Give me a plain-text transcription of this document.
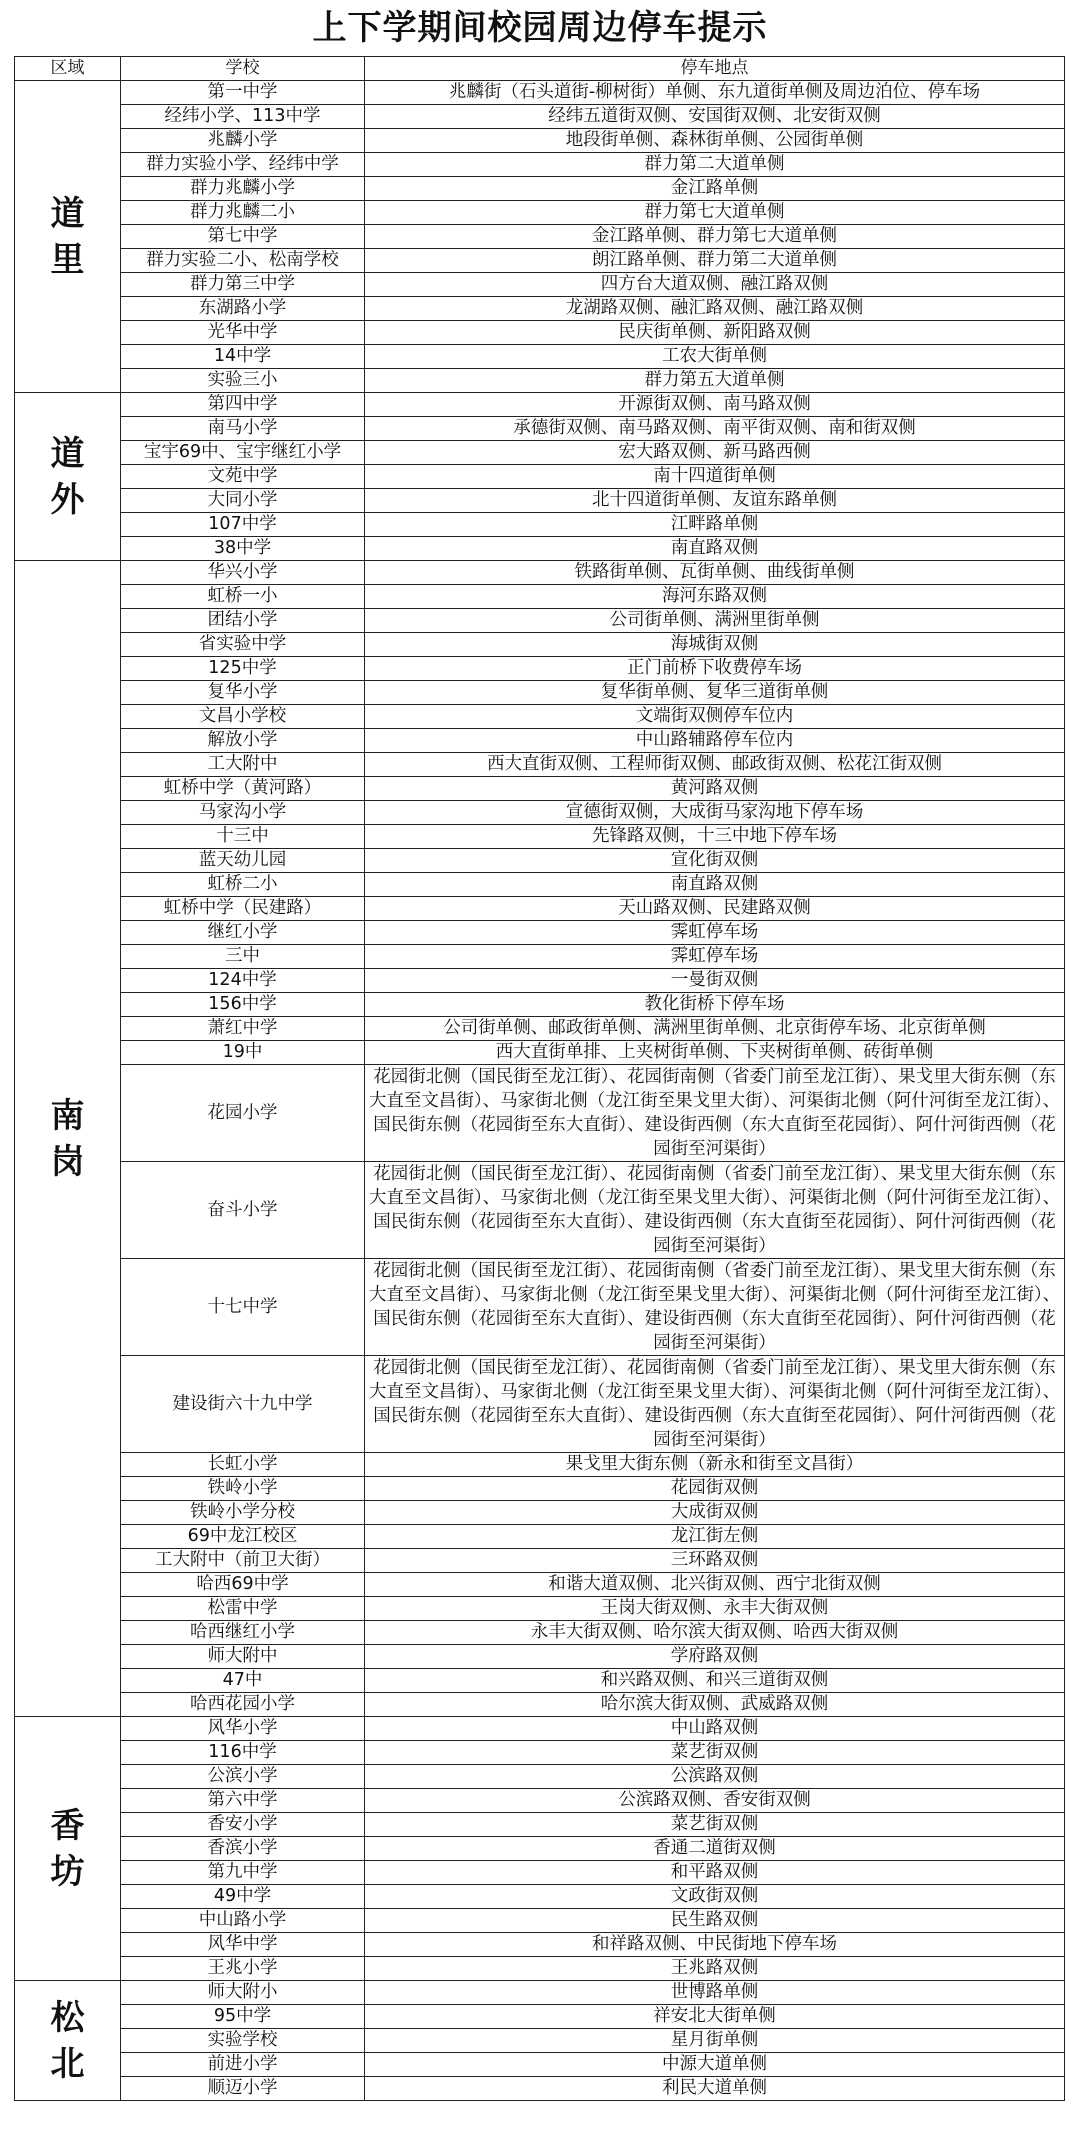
上下学期间校园周边停车提示
区域	学校	停车地点
道里	第一中学	兆麟街（石头道街-柳树街）单侧、东九道街单侧及周边泊位、停车场
	经纬小学、113中学	经纬五道街双侧、安国街双侧、北安街双侧
	兆麟小学	地段街单侧、森林街单侧、公园街单侧
	群力实验小学、经纬中学	群力第二大道单侧
	群力兆麟小学	金江路单侧
	群力兆麟二小	群力第七大道单侧
	第七中学	金江路单侧、群力第七大道单侧
	群力实验二小、松南学校	朗江路单侧、群力第二大道单侧
	群力第三中学	四方台大道双侧、融江路双侧
	东湖路小学	龙湖路双侧、融汇路双侧、融江路双侧
	光华中学	民庆街单侧、新阳路双侧
	14中学	工农大街单侧
	实验三小	群力第五大道单侧
道外	第四中学	开源街双侧、南马路双侧
	南马小学	承德街双侧、南马路双侧、南平街双侧、南和街双侧
	宝宇69中、宝宇继红小学	宏大路双侧、新马路西侧
	文苑中学	南十四道街单侧
	大同小学	北十四道街单侧、友谊东路单侧
	107中学	江畔路单侧
	38中学	南直路双侧
南岗	华兴小学	铁路街单侧、瓦街单侧、曲线街单侧
	虹桥一小	海河东路双侧
	团结小学	公司街单侧、满洲里街单侧
	省实验中学	海城街双侧
	125中学	正门前桥下收费停车场
	复华小学	复华街单侧、复华三道街单侧
	文昌小学校	文端街双侧停车位内
	解放小学	中山路辅路停车位内
	工大附中	西大直街双侧、工程师街双侧、邮政街双侧、松花江街双侧
	虹桥中学（黄河路）	黄河路双侧
	马家沟小学	宣德街双侧，大成街马家沟地下停车场
	十三中	先锋路双侧，十三中地下停车场
	蓝天幼儿园	宣化街双侧
	虹桥二小	南直路双侧
	虹桥中学（民建路）	天山路双侧、民建路双侧
	继红小学	霁虹停车场
	三中	霁虹停车场
	124中学	一曼街双侧
	156中学	教化街桥下停车场
	萧红中学	公司街单侧、邮政街单侧、满洲里街单侧、北京街停车场、北京街单侧
	19中	西大直街单排、上夹树街单侧、下夹树街单侧、砖街单侧
	花园小学	花园街北侧（国民街至龙江街）、花园街南侧（省委门前至龙江街）、果戈里大街东侧（东大直至文昌街）、马家街北侧（龙江街至果戈里大街）、河渠街北侧（阿什河街至龙江街）、国民街东侧（花园街至东大直街）、建设街西侧（东大直街至花园街）、阿什河街西侧（花园街至河渠街）
	奋斗小学	花园街北侧（国民街至龙江街）、花园街南侧（省委门前至龙江街）、果戈里大街东侧（东大直至文昌街）、马家街北侧（龙江街至果戈里大街）、河渠街北侧（阿什河街至龙江街）、国民街东侧（花园街至东大直街）、建设街西侧（东大直街至花园街）、阿什河街西侧（花园街至河渠街）
	十七中学	花园街北侧（国民街至龙江街）、花园街南侧（省委门前至龙江街）、果戈里大街东侧（东大直至文昌街）、马家街北侧（龙江街至果戈里大街）、河渠街北侧（阿什河街至龙江街）、国民街东侧（花园街至东大直街）、建设街西侧（东大直街至花园街）、阿什河街西侧（花园街至河渠街）
	建设街六十九中学	花园街北侧（国民街至龙江街）、花园街南侧（省委门前至龙江街）、果戈里大街东侧（东大直至文昌街）、马家街北侧（龙江街至果戈里大街）、河渠街北侧（阿什河街至龙江街）、国民街东侧（花园街至东大直街）、建设街西侧（东大直街至花园街）、阿什河街西侧（花园街至河渠街）
	长虹小学	果戈里大街东侧（新永和街至文昌街）
	铁岭小学	花园街双侧
	铁岭小学分校	大成街双侧
	69中龙江校区	龙江街左侧
	工大附中（前卫大街）	三环路双侧
	哈西69中学	和谐大道双侧、北兴街双侧、西宁北街双侧
	松雷中学	王岗大街双侧、永丰大街双侧
	哈西继红小学	永丰大街双侧、哈尔滨大街双侧、哈西大街双侧
	师大附中	学府路双侧
	47中	和兴路双侧、和兴三道街双侧
	哈西花园小学	哈尔滨大街双侧、武威路双侧
香坊	风华小学	中山路双侧
	116中学	菜艺街双侧
	公滨小学	公滨路双侧
	第六中学	公滨路双侧、香安街双侧
	香安小学	菜艺街双侧
	香滨小学	香通二道街双侧
	第九中学	和平路双侧
	49中学	文政街双侧
	中山路小学	民生路双侧
	风华中学	和祥路双侧、中民街地下停车场
	王兆小学	王兆路双侧
松北	师大附小	世博路单侧
	95中学	祥安北大街单侧
	实验学校	星月街单侧
	前进小学	中源大道单侧
	顺迈小学	利民大道单侧
